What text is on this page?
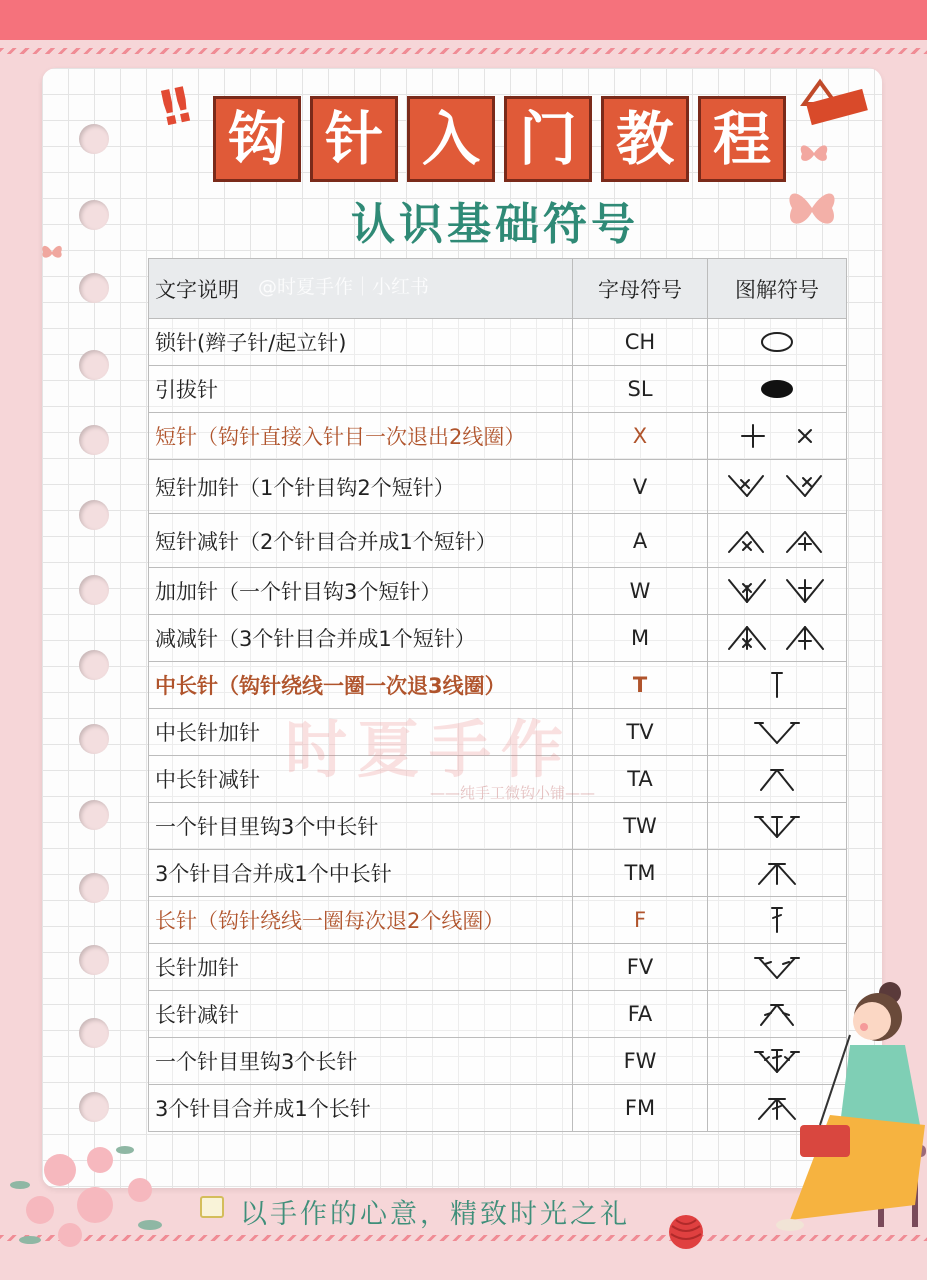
!! 钩 针 入 门 教 程
认识基础符号
文字说明	字母符号	图解符号
锁针(辫子针/起立针)	CH	
引拔针	SL	
短针（钩针直接入针目一次退出2线圈）	X	
短针加针（1个针目钩2个短针）	V	
短针减针（2个针目合并成1个短针）	A	
加加针（一个针目钩3个短针）	W	
减减针（3个针目合并成1个短针）	M	
中长针（钩针绕线一圈一次退3线圈）	T	
中长针加针	TV	
中长针减针	TA	
一个针目里钩3个中长针	TW	
3个针目合并成1个中长针	TM	
长针（钩针绕线一圈每次退2个线圈）	F	
长针加针	FV	
长针减针	FA	
一个针目里钩3个长针	FW	
3个针目合并成1个长针	FM	
@时夏手作｜小红书
时夏手作
——纯手工微钩小铺——
以手作的心意，精致时光之礼
